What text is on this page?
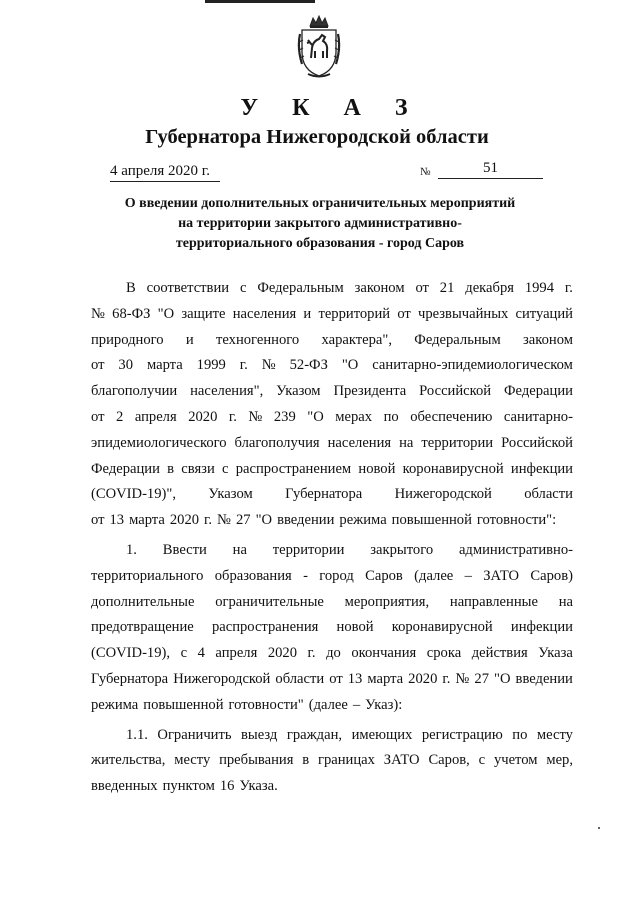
У К А З
Губернатора Нижегородской области
4 апреля 2020 г.	№	51
О введении дополнительных ограничительных мероприятий
на территории закрытого административно-
территориального образования - город Саров
В соответствии с Федеральным законом от 21 декабря 1994 г.
№ 68-ФЗ "О защите населения и территорий от чрезвычайных ситуаций
природного и техногенного характера", Федеральным законом
от 30 марта 1999 г. № 52-ФЗ "О санитарно-эпидемиологическом
благополучии населения", Указом Президента Российской Федерации
от 2 апреля 2020 г. № 239 "О мерах по обеспечению санитарно-
эпидемиологического благополучия населения на территории Российской
Федерации в связи с распространением новой коронавирусной инфекции
(COVID-19)", Указом Губернатора Нижегородской области
от 13 марта 2020 г. № 27 "О введении режима повышенной готовности":
1. Ввести на территории закрытого административно-
территориального образования - город Саров (далее – ЗАТО Саров)
дополнительные ограничительные мероприятия, направленные на
предотвращение распространения новой коронавирусной инфекции
(COVID-19), с 4 апреля 2020 г. до окончания срока действия Указа
Губернатора Нижегородской области от 13 марта 2020 г. № 27 "О введении
режима повышенной готовности" (далее – Указ):
1.1. Ограничить выезд граждан, имеющих регистрацию по месту
жительства, месту пребывания в границах ЗАТО Саров, с учетом мер,
введенных пунктом 16 Указа.
